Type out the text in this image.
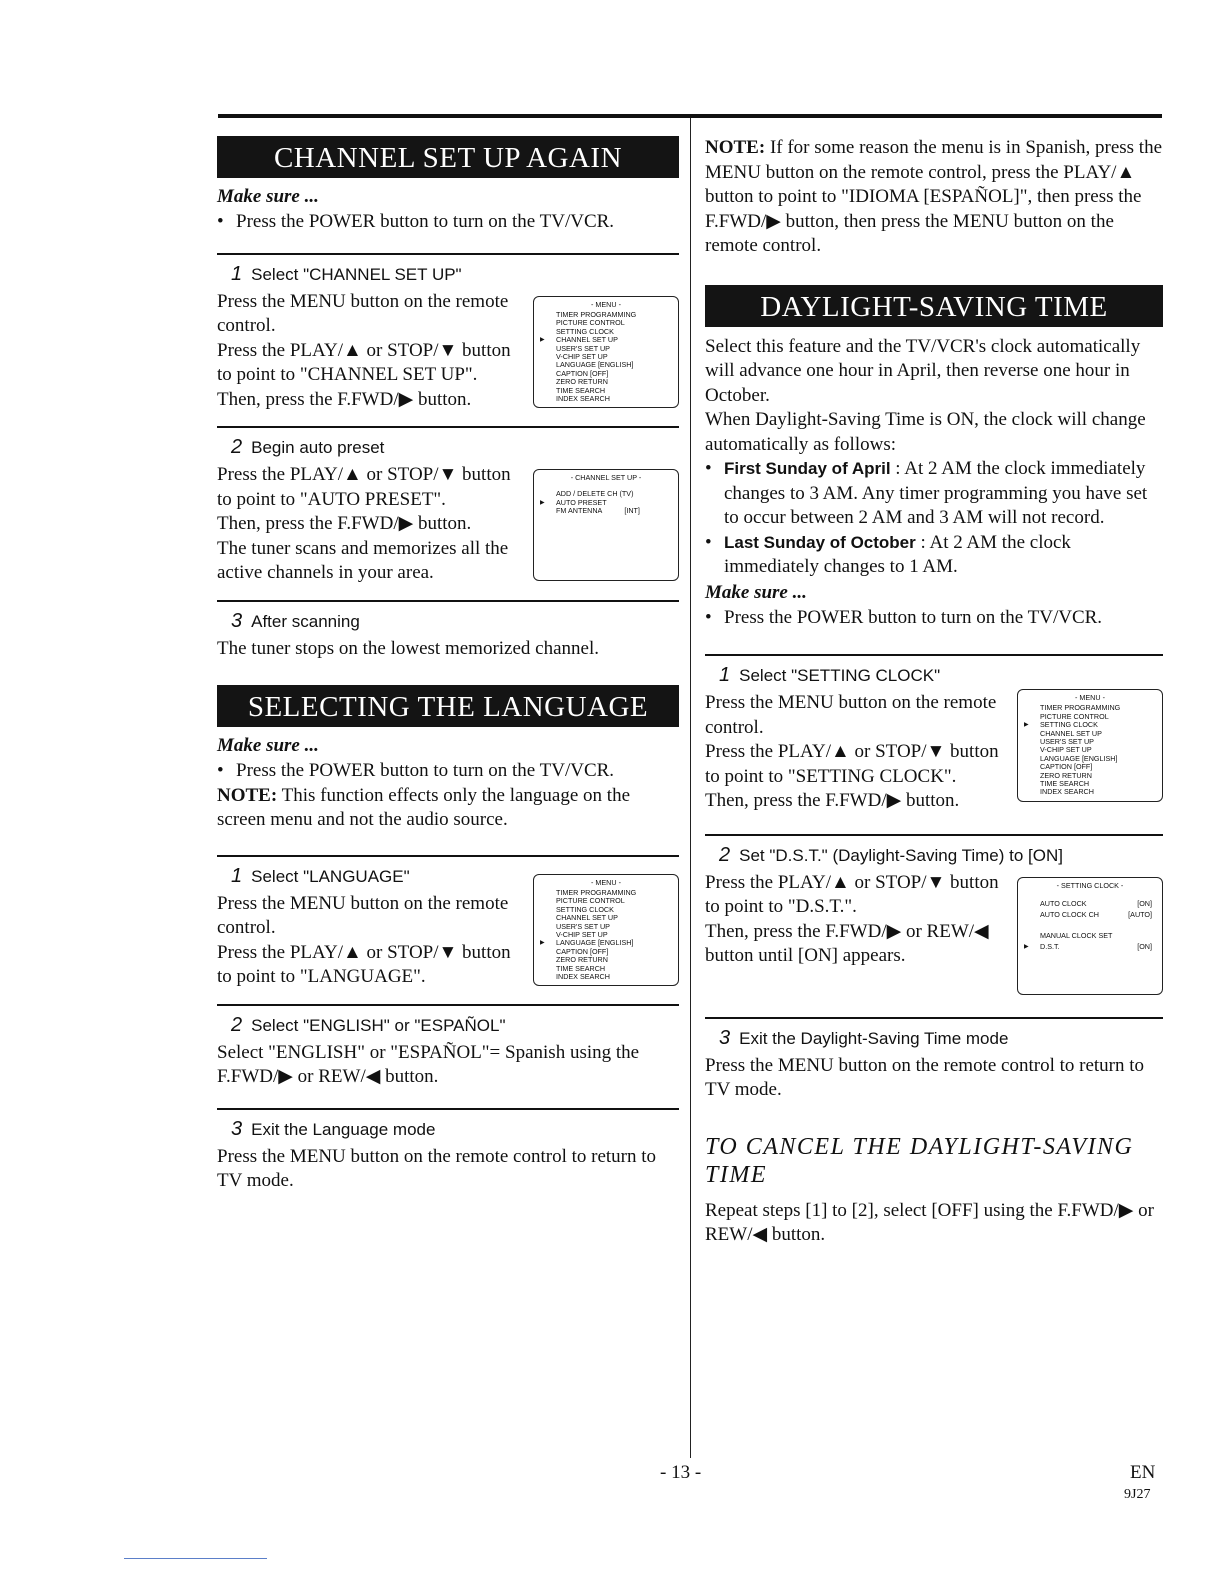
CHANNEL SET UP AGAIN
Make sure ...
• Press the POWER button to turn on the TV/VCR.
1 Select "CHANNEL SET UP"
Press the MENU button on the remote control.
Press the PLAY/▲ or STOP/▼ button to point to "CHANNEL SET UP".
Then, press the F.FWD/▶ button.
- MENU -
TIMER PROGRAMMING
PICTURE CONTROL
SETTING CLOCK
▶ CHANNEL SET UP
USER'S SET UP
V-CHIP SET UP
LANGUAGE [ENGLISH]
CAPTION [OFF]
ZERO RETURN
TIME SEARCH
INDEX SEARCH
2 Begin auto preset
Press the PLAY/▲ or STOP/▼ button to point to "AUTO PRESET".
Then, press the F.FWD/▶ button.
The tuner scans and memorizes all the active channels in your area.
- CHANNEL SET UP -
ADD / DELETE CH (TV)
▶ AUTO PRESET
FM ANTENNA	[INT]
3 After scanning
The tuner stops on the lowest memorized channel.
SELECTING THE LANGUAGE
Make sure ...
• Press the POWER button to turn on the TV/VCR.
NOTE: This function effects only the language on the screen menu and not the audio source.
1 Select "LANGUAGE"
Press the MENU button on the remote control.
Press the PLAY/▲ or STOP/▼ button to point to "LANGUAGE".
- MENU -
TIMER PROGRAMMING
PICTURE CONTROL
SETTING CLOCK
CHANNEL SET UP
USER'S SET UP
V-CHIP SET UP
▶ LANGUAGE [ENGLISH]
CAPTION [OFF]
ZERO RETURN
TIME SEARCH
INDEX SEARCH
2 Select "ENGLISH" or "ESPAÑOL"
Select "ENGLISH" or "ESPAÑOL"= Spanish using the F.FWD/▶ or REW/◀ button.
3 Exit the Language mode
Press the MENU button on the remote control to return to TV mode.
NOTE: If for some reason the menu is in Spanish, press the MENU button on the remote control, press the PLAY/▲ button to point to "IDIOMA [ESPAÑOL]", then press the F.FWD/▶ button, then press the MENU button on the remote control.
DAYLIGHT-SAVING TIME
Select this feature and the TV/VCR's clock automatically will advance one hour in April, then reverse one hour in October.
When Daylight-Saving Time is ON, the clock will change automatically as follows:
• First Sunday of April : At 2 AM the clock immediately changes to 3 AM. Any timer programming you have set to occur between 2 AM and 3 AM will not record.
• Last Sunday of October : At 2 AM the clock immediately changes to 1 AM.
Make sure ...
• Press the POWER button to turn on the TV/VCR.
1 Select "SETTING CLOCK"
Press the MENU button on the remote control.
Press the PLAY/▲ or STOP/▼ button to point to "SETTING CLOCK".
Then, press the F.FWD/▶ button.
- MENU -
TIMER PROGRAMMING
PICTURE CONTROL
▶ SETTING CLOCK
CHANNEL SET UP
USER'S SET UP
V-CHIP SET UP
LANGUAGE [ENGLISH]
CAPTION [OFF]
ZERO RETURN
TIME SEARCH
INDEX SEARCH
2 Set "D.S.T." (Daylight-Saving Time) to [ON]
Press the PLAY/▲ or STOP/▼ button to point to "D.S.T.".
Then, press the F.FWD/▶ or REW/◀ button until [ON] appears.
- SETTING CLOCK -
AUTO CLOCK	[ON]
AUTO CLOCK CH	[AUTO]
MANUAL CLOCK SET
▶ D.S.T.	[ON]
3 Exit the Daylight-Saving Time mode
Press the MENU button on the remote control to return to TV mode.
TO CANCEL THE DAYLIGHT-SAVING TIME
Repeat steps [1] to [2], select [OFF] using the F.FWD/▶ or REW/◀ button.
- 13 -	EN
9J27
